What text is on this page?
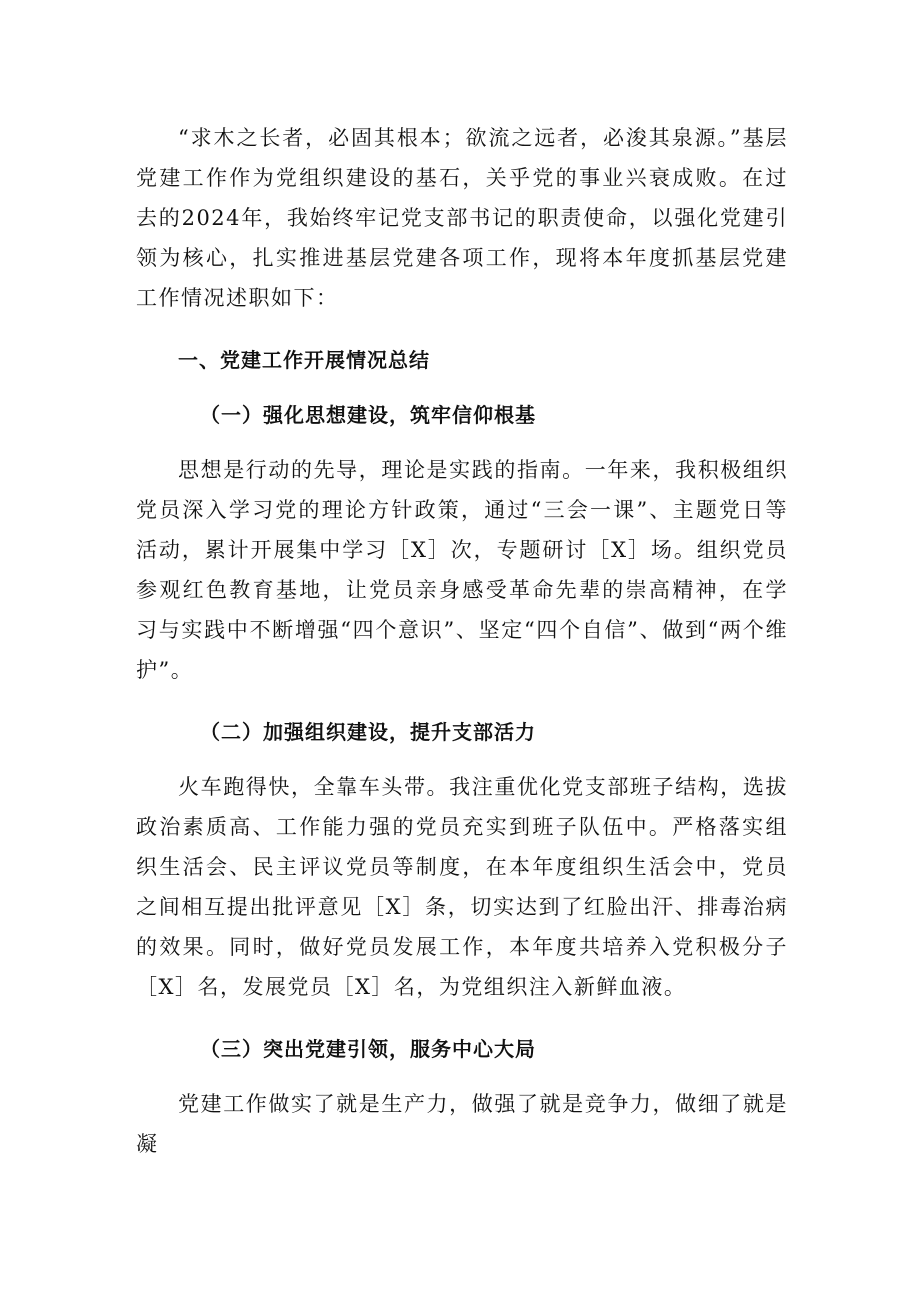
“求木之长者，必固其根本；欲流之远者，必浚其泉源。”基层党建工作作为党组织建设的基石，关乎党的事业兴衰成败。在过去的2024年，我始终牢记党支部书记的职责使命，以强化党建引领为核心，扎实推进基层党建各项工作，现将本年度抓基层党建工作情况述职如下：

一、党建工作开展情况总结

（一）强化思想建设，筑牢信仰根基

思想是行动的先导，理论是实践的指南。一年来，我积极组织党员深入学习党的理论方针政策，通过“三会一课”、主题党日等活动，累计开展集中学习［X］次，专题研讨［X］场。组织党员参观红色教育基地，让党员亲身感受革命先辈的崇高精神，在学习与实践中不断增强“四个意识”、坚定“四个自信”、做到“两个维护”。

（二）加强组织建设，提升支部活力

火车跑得快，全靠车头带。我注重优化党支部班子结构，选拔政治素质高、工作能力强的党员充实到班子队伍中。严格落实组织生活会、民主评议党员等制度，在本年度组织生活会中，党员之间相互提出批评意见［X］条，切实达到了红脸出汗、排毒治病的效果。同时，做好党员发展工作，本年度共培养入党积极分子［X］名，发展党员［X］名，为党组织注入新鲜血液。

（三）突出党建引领，服务中心大局

党建工作做实了就是生产力，做强了就是竞争力，做细了就是凝
